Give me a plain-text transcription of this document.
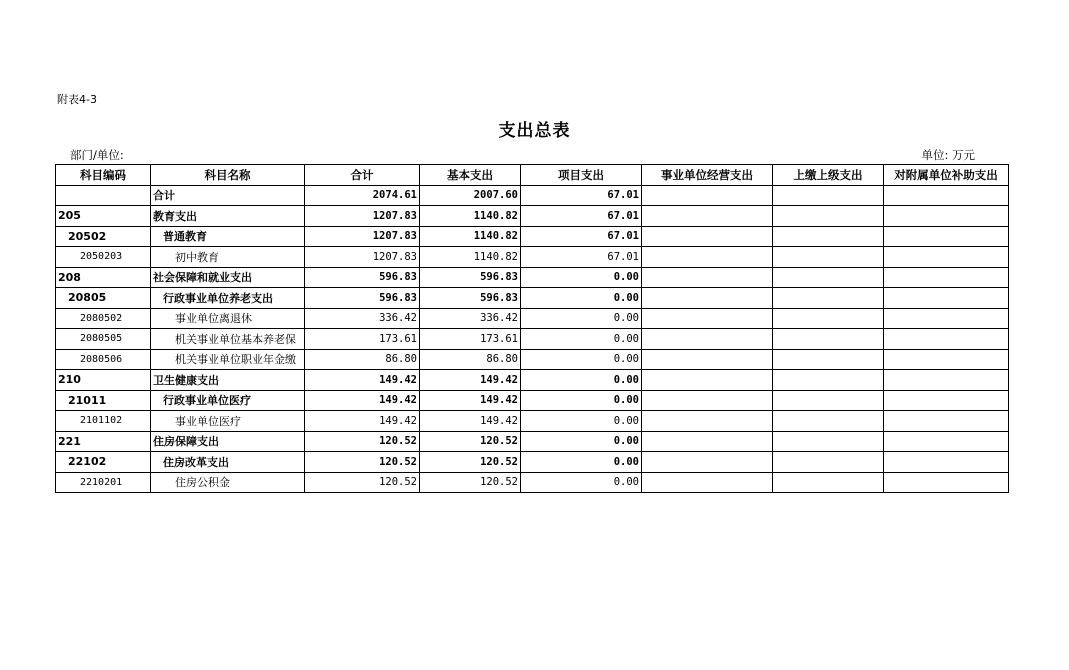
附表4-3
支出总表
部门/单位:	单位: 万元
科目编码	科目名称	合计	基本支出	项目支出	事业单位经营支出	上缴上级支出	对附属单位补助支出
	合计	2074.61	2007.60	67.01			
205	教育支出	1207.83	1140.82	67.01			
20502	普通教育	1207.83	1140.82	67.01			
2050203	初中教育	1207.83	1140.82	67.01			
208	社会保障和就业支出	596.83	596.83	0.00			
20805	行政事业单位养老支出	596.83	596.83	0.00			
2080502	事业单位离退休	336.42	336.42	0.00			
2080505	机关事业单位基本养老保	173.61	173.61	0.00			
2080506	机关事业单位职业年金缴	86.80	86.80	0.00			
210	卫生健康支出	149.42	149.42	0.00			
21011	行政事业单位医疗	149.42	149.42	0.00			
2101102	事业单位医疗	149.42	149.42	0.00			
221	住房保障支出	120.52	120.52	0.00			
22102	住房改革支出	120.52	120.52	0.00			
2210201	住房公积金	120.52	120.52	0.00			
